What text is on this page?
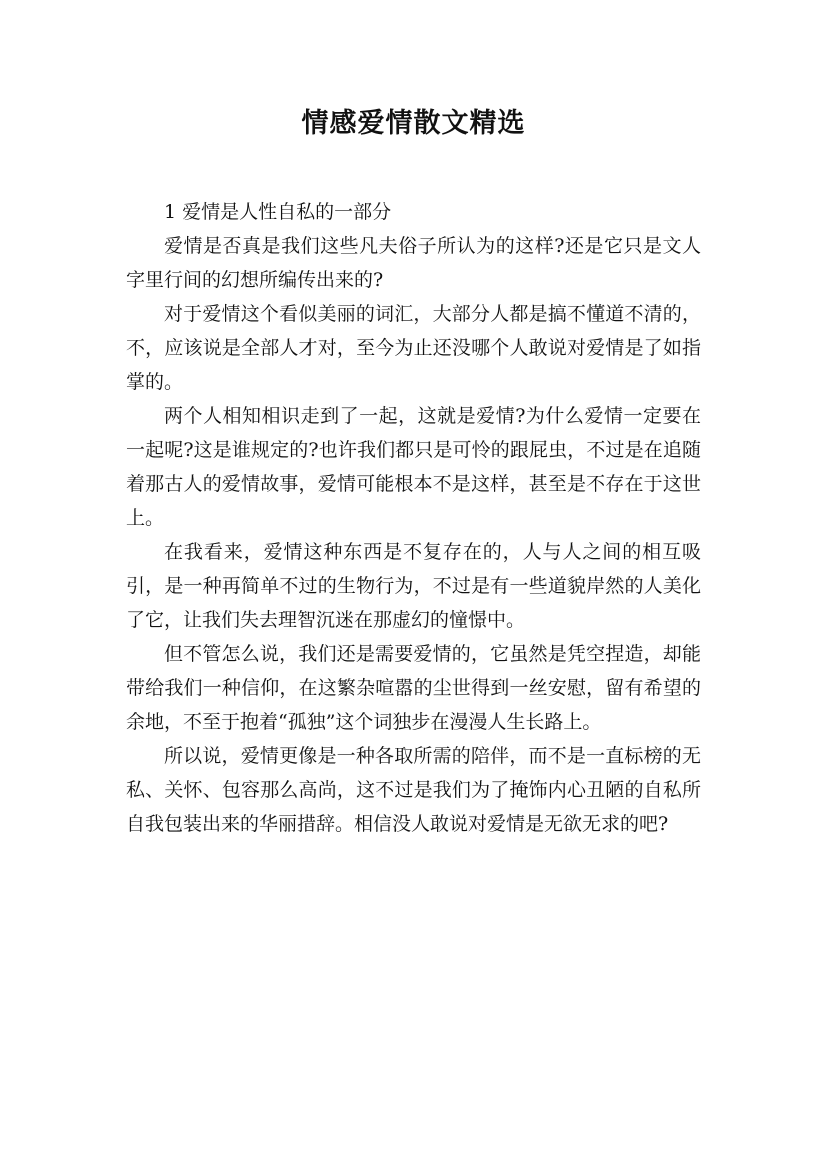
情感爱情散文精选

1 爱情是人性自私的一部分

爱情是否真是我们这些凡夫俗子所认为的这样?还是它只是文人字里行间的幻想所编传出来的?

对于爱情这个看似美丽的词汇，大部分人都是搞不懂道不清的，不，应该说是全部人才对，至今为止还没哪个人敢说对爱情是了如指掌的。

两个人相知相识走到了一起，这就是爱情?为什么爱情一定要在一起呢?这是谁规定的?也许我们都只是可怜的跟屁虫，不过是在追随着那古人的爱情故事，爱情可能根本不是这样，甚至是不存在于这世上。

在我看来，爱情这种东西是不复存在的，人与人之间的相互吸引，是一种再简单不过的生物行为，不过是有一些道貌岸然的人美化了它，让我们失去理智沉迷在那虚幻的憧憬中。

但不管怎么说，我们还是需要爱情的，它虽然是凭空捏造，却能带给我们一种信仰，在这繁杂喧嚣的尘世得到一丝安慰，留有希望的余地，不至于抱着“孤独”这个词独步在漫漫人生长路上。

所以说，爱情更像是一种各取所需的陪伴，而不是一直标榜的无私、关怀、包容那么高尚，这不过是我们为了掩饰内心丑陋的自私所自我包装出来的华丽措辞。相信没人敢说对爱情是无欲无求的吧?
